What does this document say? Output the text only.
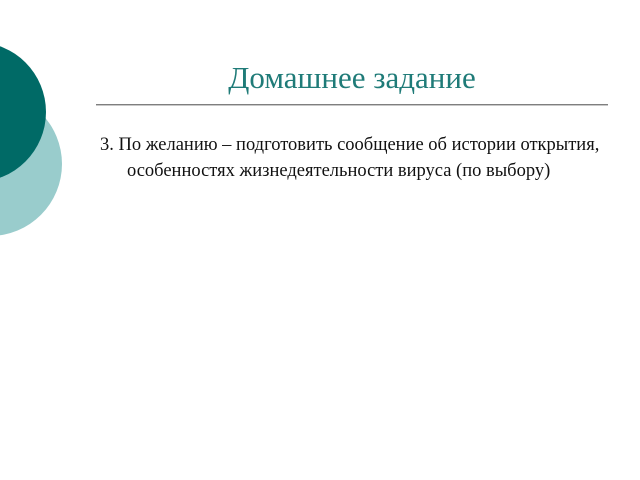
Домашнее задание
3. По желанию – подготовить сообщение об истории открытия, особенностях жизнедеятельности вируса (по выбору)
